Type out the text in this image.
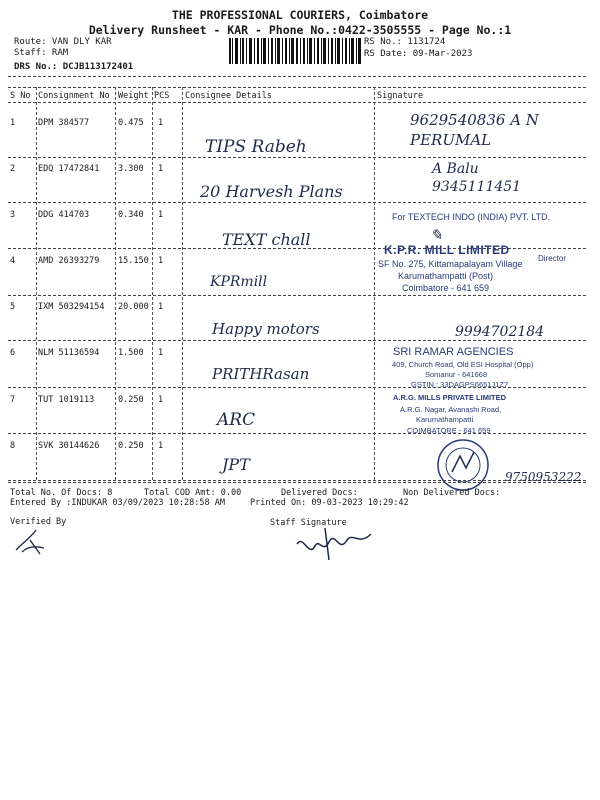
THE PROFESSIONAL COURIERS, Coimbatore
Delivery Runsheet - KAR - Phone No.:0422-3505555 - Page No.:1
Route: VAN DLY KAR
Staff: RAM
DRS No.: DCJB113172401
RS No.: 1131724
RS Date: 09-Mar-2023
S No Consignment No Weight PCS Consignee Details	Signature
1	DPM 384577	0.475 1
TIPS Rabeh
9629540836 A N PERUMAL
2	EDQ 17472841 3.300 1
20 Harvesh Plans
A Balu 9345111451
3	DDG 414703	0.340 1
TEXT chall
For TEXTECH INDO (INDIA) PVT. LTD.
✎
4	AMD 26393279 15.150 1
KPRmill
K.P.R. MILL LIMITED
SF No. 275, Kittamapalayam Village
Karumathampatti (Post)
Coimbatore - 641 659
Director
5	IXM 503294154 20.000 1
Happy motors	9994702184
6	NLM 51136594 1.500 1
PRITHRasan
SRI RAMAR AGENCIES
409, Church Road, Old ESI Hospital (Opp)
Somanur - 641668
GSTIN : 33DAGPS6651J1Z7
7	TUT 1019113	0.250 1
ARC
A.R.G. MILLS PRIVATE LIMITED
A.R.G. Nagar, Avanashi Road,
Karumathampatti
COIMBATORE - 641 659
8	SVK 30144626 0.250 1
JPT
9750953222
Total No. Of Docs: 8	Total COD Amt: 0.00	Delivered Docs:	Non Delivered Docs:
Entered By :INDUKAR 03/09/2023 10:28:58 AM	Printed On: 09-03-2023 10:29:42
Verified By	Staff Signature
